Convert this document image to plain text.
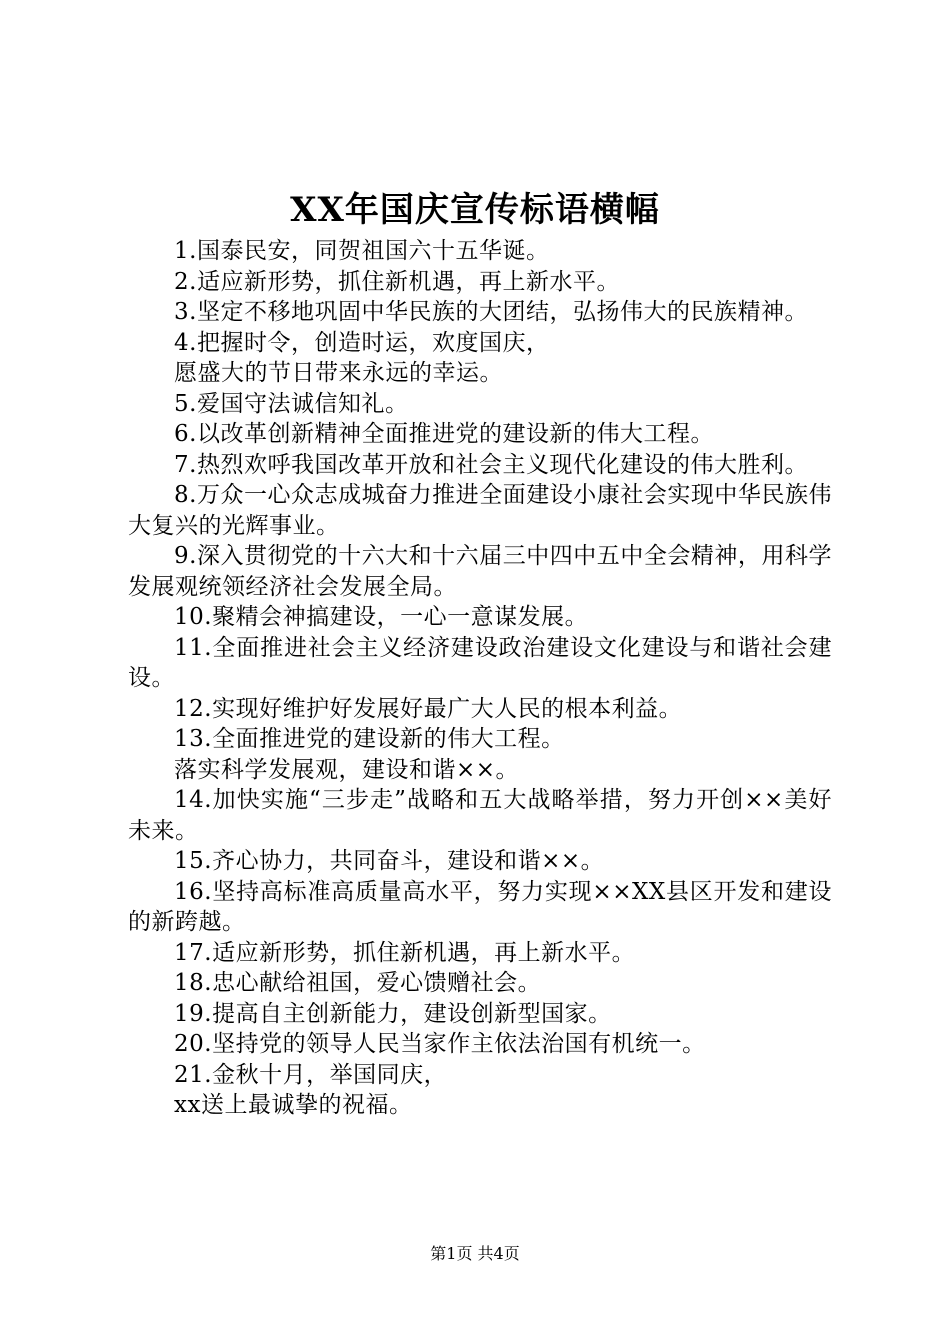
XX年国庆宣传标语横幅

1.国泰民安，同贺祖国六十五华诞。

2.适应新形势，抓住新机遇，再上新水平。

3.坚定不移地巩固中华民族的大团结，弘扬伟大的民族精神。

4.把握时令，创造时运，欢度国庆，

愿盛大的节日带来永远的幸运。

5.爱国守法诚信知礼。

6.以改革创新精神全面推进党的建设新的伟大工程。

7.热烈欢呼我国改革开放和社会主义现代化建设的伟大胜利。

8.万众一心众志成城奋力推进全面建设小康社会实现中华民族伟大复兴的光辉事业。

9.深入贯彻党的十六大和十六届三中四中五中全会精神，用科学发展观统领经济社会发展全局。

10.聚精会神搞建设，一心一意谋发展。

11.全面推进社会主义经济建设政治建设文化建设与和谐社会建设。

12.实现好维护好发展好最广大人民的根本利益。

13.全面推进党的建设新的伟大工程。

落实科学发展观，建设和谐××。

14.加快实施“三步走”战略和五大战略举措，努力开创××美好未来。

15.齐心协力，共同奋斗，建设和谐××。

16.坚持高标准高质量高水平，努力实现××XX县区开发和建设的新跨越。

17.适应新形势，抓住新机遇，再上新水平。

18.忠心献给祖国，爱心馈赠社会。

19.提高自主创新能力，建设创新型国家。

20.坚持党的领导人民当家作主依法治国有机统一。

21.金秋十月，举国同庆，

xx送上最诚挚的祝福。

第1页 共4页
